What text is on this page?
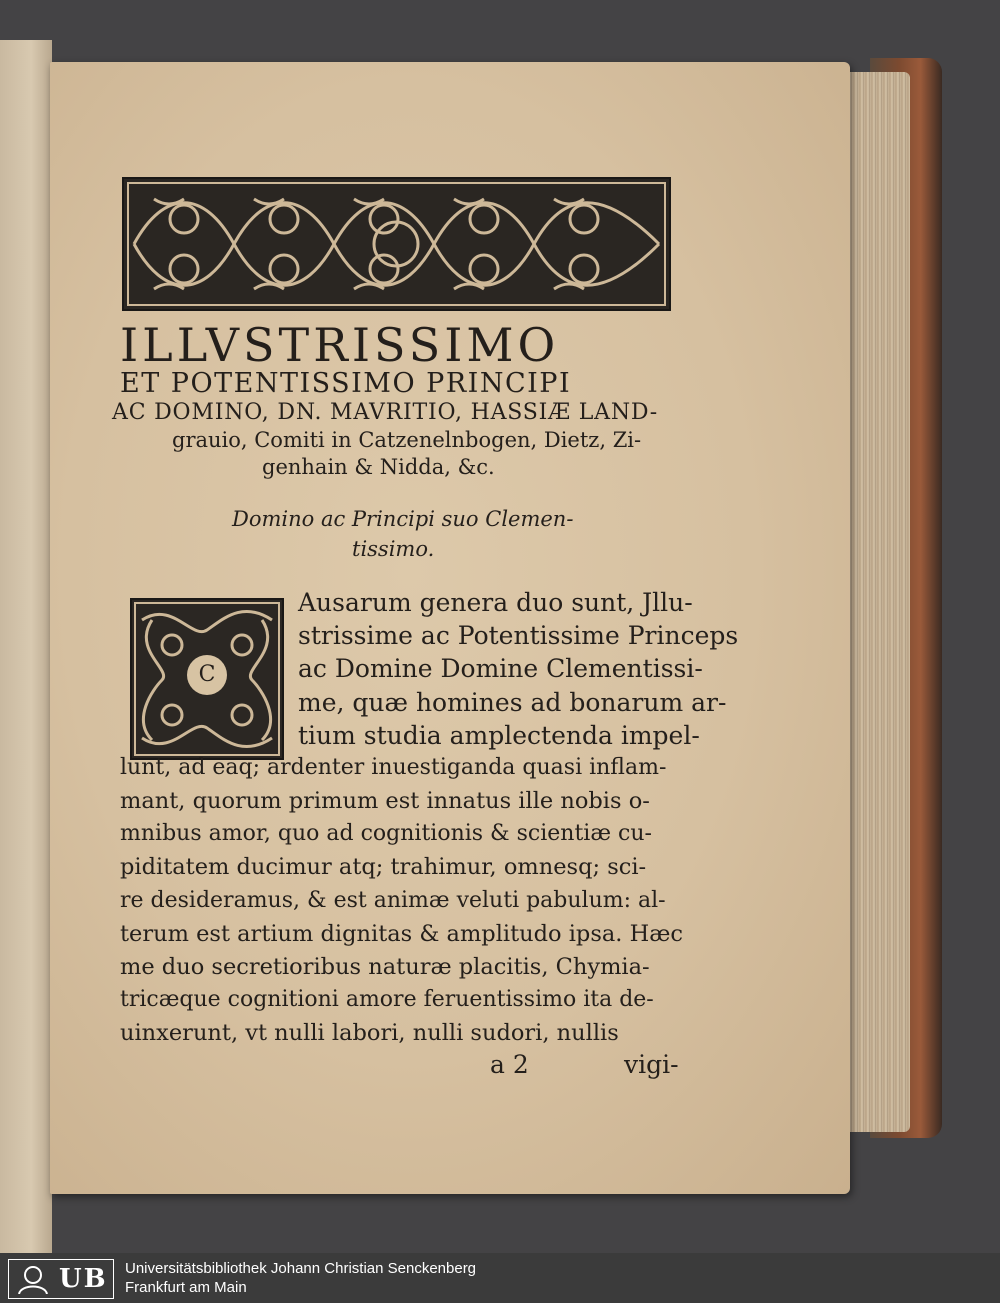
ILLVSTRISSIMO
ET POTENTISSIMO PRINCIPI
AC DOMINO, DN. MAVRITIO, HASSIÆ LAND-
grauio, Comiti in Catzenelnbogen, Dietz, Zi-
genhain & Nidda, &c.
Domino ac Principi suo Clemen-
tissimo.
C
Ausarum genera duo sunt, Jllu-
strissime ac Potentissime Princeps
ac Domine Domine Clementissi-
me, quæ homines ad bonarum ar-
tium studia amplectenda impel-
lunt, ad eaq; ardenter inuestiganda quasi inflam-
mant, quorum primum est innatus ille nobis o-
mnibus amor, quo ad cognitionis & scientiæ cu-
piditatem ducimur atq; trahimur, omnesq; sci-
re desideramus, & est animæ veluti pabulum: al-
terum est artium dignitas & amplitudo ipsa. Hæc
me duo secretioribus naturæ placitis, Chymia-
tricæque cognitioni amore feruentissimo ita de-
uinxerunt, vt nulli labori, nulli sudori, nullis
a 2	vigi-
UB Universitätsbibliothek Johann Christian Senckenberg
Frankfurt am Main
